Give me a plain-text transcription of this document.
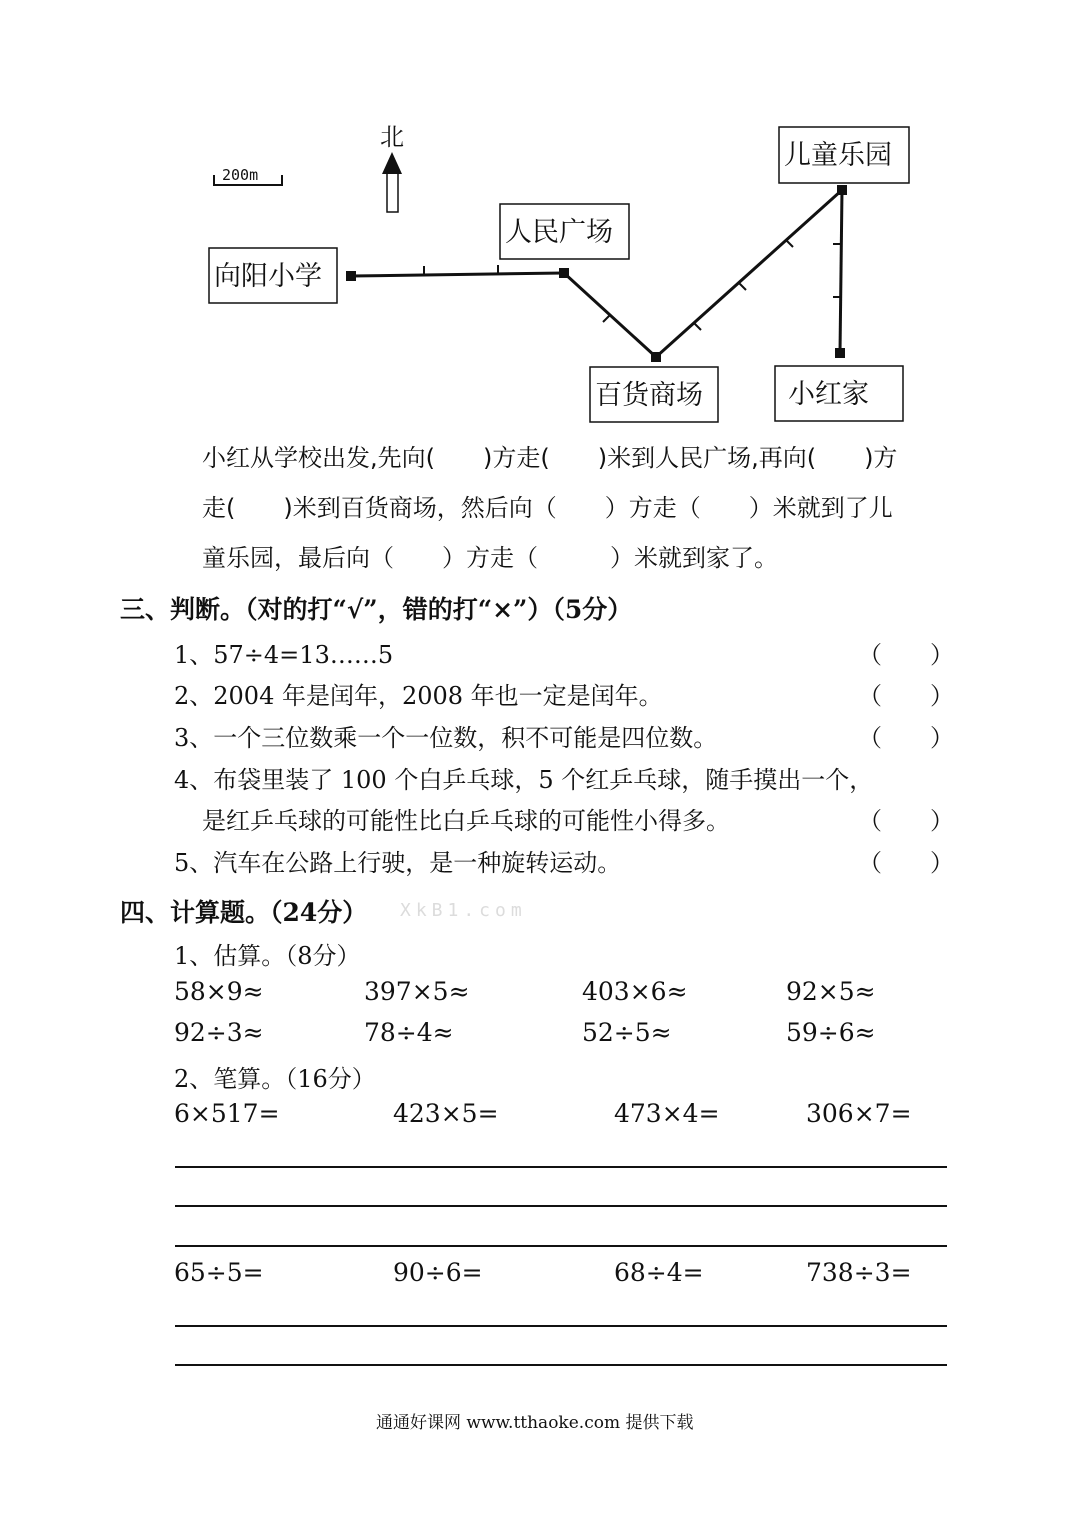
200m
北
向阳小学
人民广场
百货商场
儿童乐园
小红家
小红从学校出发,先向(　　)方走(　　)米到人民广场,再向(　　)方
走(　　)米到百货商场，然后向（　　）方走（　　）米就到了儿
童乐园，最后向（　　）方走（　　　）米就到家了。
三、判断。（对的打“√”，错的打“×”）（5分）
1、57÷4=13……5	（　　）
2、2004 年是闰年，2008 年也一定是闰年。	（　　）
3、一个三位数乘一个一位数，积不可能是四位数。	（　　）
4、布袋里装了 100 个白乒乓球，5 个红乒乓球，随手摸出一个，
是红乒乓球的可能性比白乒乓球的可能性小得多。	（　　）
5、汽车在公路上行驶，是一种旋转运动。	（　　）
四、计算题。（24分） XkB1.com
1、估算。（8分）
58×9≈	397×5≈	403×6≈	92×5≈
92÷3≈	78÷4≈	52÷5≈	59÷6≈
2、笔算。（16分）
6×517=	423×5=	473×4=	306×7=
65÷5=	90÷6=	68÷4=	738÷3=
通通好课网 www.tthaoke.com 提供下载
